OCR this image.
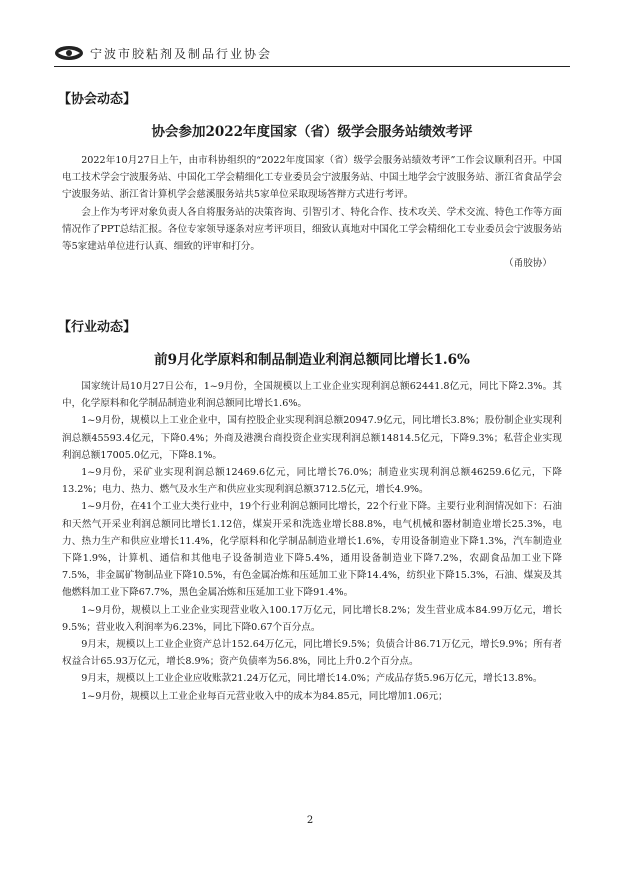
宁波市胶粘剂及制品行业协会
【协会动态】
协会参加2022年度国家（省）级学会服务站绩效考评

2022年10月27日上午，由市科协组织的“2022年度国家（省）级学会服务站绩效考评”工作会议顺利召开。中国电工技术学会宁波服务站、中国化工学会精细化工专业委员会宁波服务站、中国土地学会宁波服务站、浙江省食品学会宁波服务站、浙江省计算机学会慈溪服务站共5家单位采取现场答辩方式进行考评。

会上作为考评对象负责人各自将服务站的决策咨询、引智引才、特化合作、技术攻关、学术交流、特色工作等方面情况作了PPT总结汇报。各位专家领导逐条对应考评项目，细致认真地对中国化工学会精细化工专业委员会宁波服务站等5家建站单位进行认真、细致的评审和打分。

（甬胶协）

【行业动态】
前9月化学原料和制品制造业利润总额同比增长1.6%

国家统计局10月27日公布，1~9月份，全国规模以上工业企业实现利润总额62441.8亿元，同比下降2.3%。其中，化学原料和化学制品制造业利润总额同比增长1.6%。

1~9月份，规模以上工业企业中，国有控股企业实现利润总额20947.9亿元，同比增长3.8%；股份制企业实现利润总额45593.4亿元，下降0.4%；外商及港澳台商投资企业实现利润总额14814.5亿元，下降9.3%；私营企业实现利润总额17005.0亿元，下降8.1%。

1~9月份，采矿业实现利润总额12469.6亿元，同比增长76.0%；制造业实现利润总额46259.6亿元，下降13.2%；电力、热力、燃气及水生产和供应业实现利润总额3712.5亿元，增长4.9%。

1~9月份，在41个工业大类行业中，19个行业利润总额同比增长，22个行业下降。主要行业利润情况如下：石油和天然气开采业利润总额同比增长1.12倍，煤炭开采和洗选业增长88.8%，电气机械和器材制造业增长25.3%，电力、热力生产和供应业增长11.4%，化学原料和化学制品制造业增长1.6%，专用设备制造业下降1.3%，汽车制造业下降1.9%，计算机、通信和其他电子设备制造业下降5.4%，通用设备制造业下降7.2%，农副食品加工业下降7.5%，非金属矿物制品业下降10.5%，有色金属冶炼和压延加工业下降14.4%，纺织业下降15.3%，石油、煤炭及其他燃料加工业下降67.7%，黑色金属冶炼和压延加工业下降91.4%。

1~9月份，规模以上工业企业实现营业收入100.17万亿元，同比增长8.2%；发生营业成本84.99万亿元，增长9.5%；营业收入利润率为6.23%，同比下降0.67个百分点。

9月末，规模以上工业企业资产总计152.64万亿元，同比增长9.5%；负债合计86.71万亿元，增长9.9%；所有者权益合计65.93万亿元，增长8.9%；资产负债率为56.8%，同比上升0.2个百分点。

9月末，规模以上工业企业应收账款21.24万亿元，同比增长14.0%；产成品存货5.96万亿元，增长13.8%。

1~9月份，规模以上工业企业每百元营业收入中的成本为84.85元，同比增加1.06元；

2
